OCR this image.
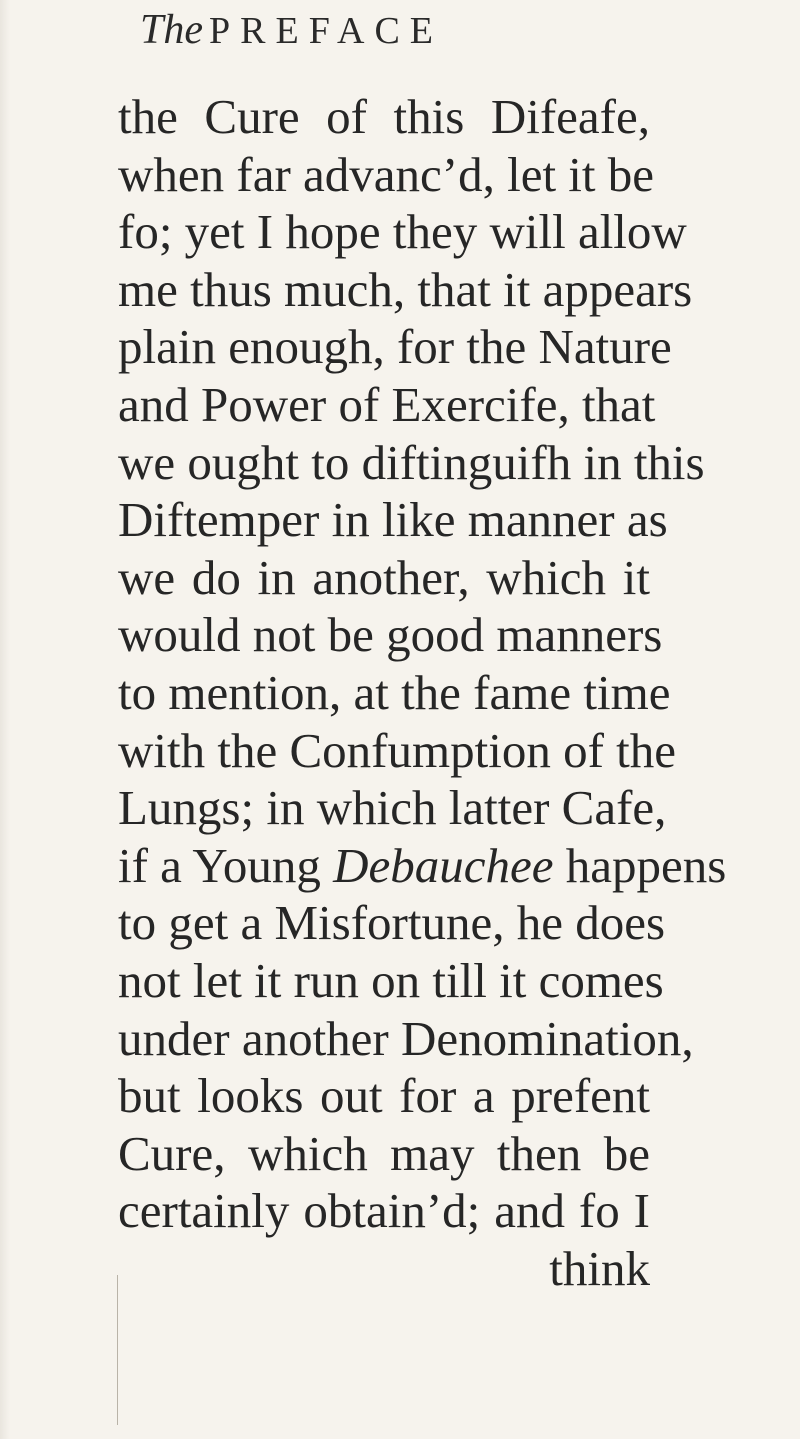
The PREFACE
the Cure of this Difeafe,
when far advanc’d, let it be
fo; yet I hope they will allow
me thus much, that it appears
plain enough, for the Nature
and Power of Exercife, that
we ought to diftinguifh in this
Diftemper in like manner as
we do in another, which it
would not be good manners
to mention, at the fame time
with the Confumption of the
Lungs; in which latter Cafe,
if a Young Debauchee happens
to get a Misfortune, he does
not let it run on till it comes
under another Denomination,
but looks out for a prefent
Cure, which may then be
certainly obtain’d; and fo I
think
